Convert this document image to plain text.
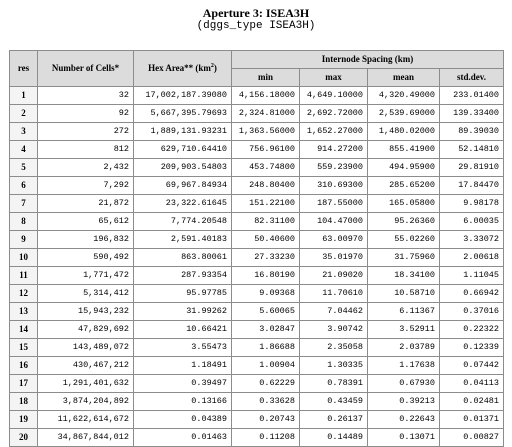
Aperture 3: ISEA3H
(dggs_type ISEA3H)
res	Number of Cells*	Hex Area** $(km^2)$	Internode Spacing (km)			
			min	max	mean	std.dev.
1	32	17,002,187.39080	4,156.18000	4,649.10000	4,320.49000	233.01400
2	92	5,667,395.79693	2,324.81000	2,692.72000	2,539.69000	139.33400
3	272	1,889,131.93231	1,363.56000	1,652.27000	1,480.02000	89.39030
4	812	629,710.64410	756.96100	914.27200	855.41900	52.14810
5	2,432	209,903.54803	453.74800	559.23900	494.95900	29.81910
6	7,292	69,967.84934	248.80400	310.69300	285.65200	17.84470
7	21,872	23,322.61645	151.22100	187.55000	165.05800	9.98178
8	65,612	7,774.20548	82.31100	104.47000	95.26360	6.00035
9	196,832	2,591.40183	50.40600	63.00970	55.02260	3.33072
10	590,492	863.80061	27.33230	35.01970	31.75960	2.00618
11	1,771,472	287.93354	16.80190	21.09020	18.34100	1.11045
12	5,314,412	95.97785	9.09368	11.70610	10.58710	0.66942
13	15,943,232	31.99262	5.60065	7.04462	6.11367	0.37016
14	47,829,692	10.66421	3.02847	3.90742	3.52911	0.22322
15	143,489,072	3.55473	1.86688	2.35058	2.03789	0.12339
16	430,467,212	1.18491	1.00904	1.30335	1.17638	0.07442
17	1,291,401,632	0.39497	0.62229	0.78391	0.67930	0.04113
18	3,874,204,892	0.13166	0.33628	0.43459	0.39213	0.02481
19	11,622,614,672	0.04389	0.20743	0.26137	0.22643	0.01371
20	34,867,844,012	0.01463	0.11208	0.14489	0.13071	0.00827
